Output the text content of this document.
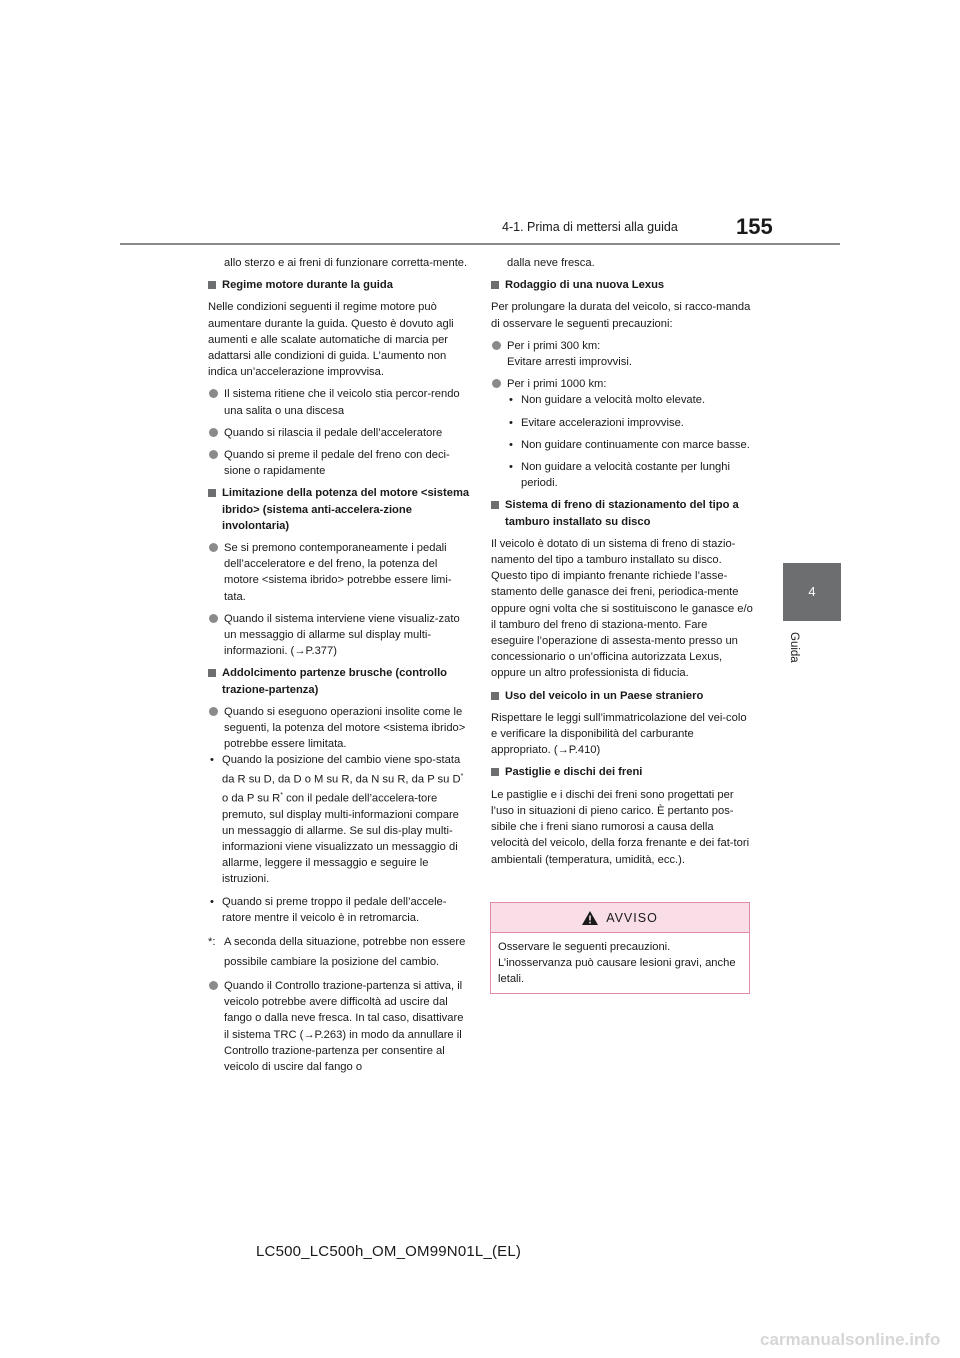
4-1. Prima di mettersi alla guida	155
4
Guida

allo sterzo e ai freni di funzionare corretta-mente.

Regime motore durante la guida

Nelle condizioni seguenti il regime motore può aumentare durante la guida. Questo è dovuto agli aumenti e alle scalate automatiche di marcia per adattarsi alle condizioni di guida. L’aumento non indica un’accelerazione improvvisa.

Il sistema ritiene che il veicolo stia percor-rendo una salita o una discesa

Quando si rilascia il pedale dell’acceleratore

Quando si preme il pedale del freno con deci-sione o rapidamente

Limitazione della potenza del motore <sistema ibrido> (sistema anti-accelera-zione involontaria)

Se si premono contemporaneamente i pedali dell’acceleratore e del freno, la potenza del motore <sistema ibrido> potrebbe essere limi-tata.

Quando il sistema interviene viene visualiz-zato un messaggio di allarme sul display multi-informazioni. (→P.377)

Addolcimento partenze brusche (controllo trazione-partenza)

Quando si eseguono operazioni insolite come le seguenti, la potenza del motore <sistema ibrido> potrebbe essere limitata.

• Quando la posizione del cambio viene spo-stata da R su D, da D o M su R, da N su R, da P su D* o da P su R* con il pedale dell’accelera-tore premuto, sul display multi-informazioni compare un messaggio di allarme. Se sul dis-play multi-informazioni viene visualizzato un messaggio di allarme, leggere il messaggio e seguire le istruzioni.

• Quando si preme troppo il pedale dell’accele-ratore mentre il veicolo è in retromarcia.

*: A seconda della situazione, potrebbe non essere possibile cambiare la posizione del cambio.

Quando il Controllo trazione-partenza si attiva, il veicolo potrebbe avere difficoltà ad uscire dal fango o dalla neve fresca. In tal caso, disattivare il sistema TRC (→P.263) in modo da annullare il Controllo trazione-partenza per consentire al veicolo di uscire dal fango o

dalla neve fresca.

Rodaggio di una nuova Lexus

Per prolungare la durata del veicolo, si racco-manda di osservare le seguenti precauzioni:

Per i primi 300 km:
Evitare arresti improvvisi.
Per i primi 1000 km:

• Non guidare a velocità molto elevate.

• Evitare accelerazioni improvvise.

• Non guidare continuamente con marce basse.

• Non guidare a velocità costante per lunghi periodi.

Sistema di freno di stazionamento del tipo a tamburo installato su disco

Il veicolo è dotato di un sistema di freno di stazio-namento del tipo a tamburo installato su disco. Questo tipo di impianto frenante richiede l’asse-stamento delle ganasce dei freni, periodica-mente oppure ogni volta che si sostituiscono le ganasce e/o il tamburo del freno di staziona-mento. Fare eseguire l’operazione di assesta-mento presso un concessionario o un’officina autorizzata Lexus, oppure un altro professionista di fiducia.

Uso del veicolo in un Paese straniero

Rispettare le leggi sull’immatricolazione del vei-colo e verificare la disponibilità del carburante appropriato. (→P.410)

Pastiglie e dischi dei freni

Le pastiglie e i dischi dei freni sono progettati per l’uso in situazioni di pieno carico. È pertanto pos-sibile che i freni siano rumorosi a causa della velocità del veicolo, della forza frenante e dei fat-tori ambientali (temperatura, umidità, ecc.).

AVVISO

Osservare le seguenti precauzioni.

L’inosservanza può causare lesioni gravi, anche letali.

LC500_LC500h_OM_OM99N01L_(EL)
carmanualsonline.info
